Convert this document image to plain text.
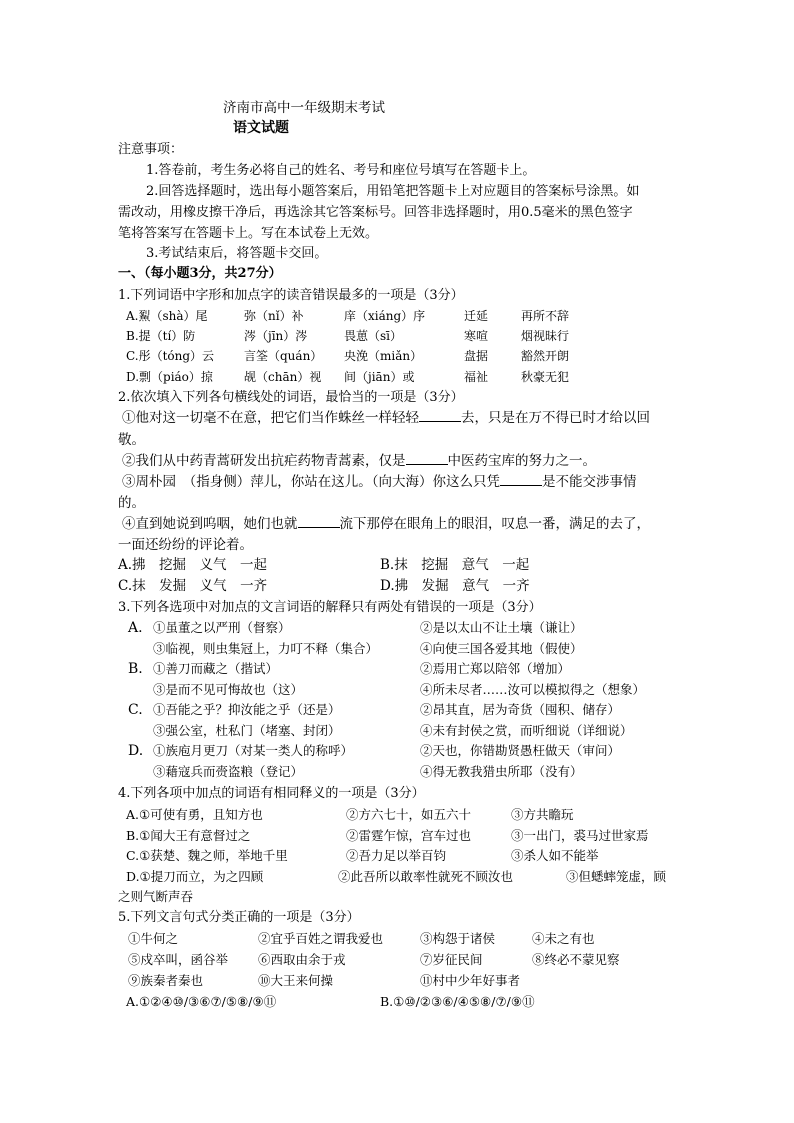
济南市高中一年级期末考试
语文试题
注意事项：
1.答卷前，考生务必将自己的姓名、考号和座位号填写在答题卡上。
2.回答选择题时，选出每小题答案后，用铅笔把答题卡上对应题目的答案标号涂黑。如
需改动，用橡皮擦干净后，再选涂其它答案标号。回答非选择题时，用0.5毫米的黑色签字
笔将答案写在答题卡上。写在本试卷上无效。
3.考试结束后，将答题卡交回。
一、（每小题3分，共27分）
1.下列词语中字形和加点字的读音错误最多的一项是（3分）
A.鮤（shà）尾	弥（nǐ）补	庠（xiáng）序	迁延	再所不辞
B.提（tí）防	涔（jīn）涔	畏葸（sī）	寒喧	烟视昧行
C.彤（tóng）云	言筌（quán）	央浼（miǎn）	盘据	豁然开朗
D.剽（piáo）掠	觇（chān）视	间（jiān）或	福祉	秋豪无犯
2.依次填入下列各句横线处的词语，最恰当的一项是（3分）
①他对这一切毫不在意，把它们当作蛛丝一样轻轻	去，只是在万不得已时才给以回
敬。
②我们从中药青蒿研发出抗疟药物青蒿素，仅是	中医药宝库的努力之一。
③周朴园　（指身侧）萍儿，你站在这儿。（向大海）你这么只凭	是不能交涉事情
的。
④直到她说到呜咽，她们也就	流下那停在眼角上的眼泪，叹息一番，满足的去了，
一面还纷纷的评论着。
A.拂　挖掘　义气　一起	B.抹　挖掘　意气　一起
C.抹　发掘　义气　一齐	D.拂　发掘　意气　一齐
3.下列各选项中对加点的文言词语的解释只有两处有错误的一项是（3分）
A. ①虽董之以严刑（督察）	②是以太山不让土壤（谦让）
③临视，则虫集冠上，力叮不释（集合）	④向使三国各爱其地（假使）
B. ①善刀而藏之（揩试）	②焉用亡郑以陪邻（增加）
③是而不见可悔故也（这）	④所未尽者……汝可以模拟得之（想象）
C. ①吾能之乎？抑汝能之乎（还是）	②昂其直，居为奇货（囤积、储存）
③强公室，杜私门（堵塞、封闭）	④未有封侯之赏，而听细说（详细说）
D. ①族庖月更刀（对某一类人的称呼）	②天也，你错勘贤愚枉做天（审问）
③藉寇兵而赍盗粮（登记）	④得无教我猎虫所耶（没有）
4.下列各项中加点的词语有相同释义的一项是（3分）
A.①可使有勇，且知方也	②方六七十，如五六十	③方共瞻玩
B.①闻大王有意督过之	②雷霆乍惊，宫车过也	③一出门，裘马过世家焉
C.①获楚、魏之师，举地千里	②吾力足以举百钧	③杀人如不能举
D.①提刀而立，为之四顾	②此吾所以敢率性就死不顾汝也	③但蟋蟀笼虚，顾
之则气断声吞
5.下列文言句式分类正确的一项是（3分）
①牛何之	②宜乎百姓之谓我爱也	③构怨于诸侯	④未之有也
⑤戍卒叫，函谷举 ⑥西取由余于戎	⑦岁征民间	⑧终必不蒙见察
⑨族秦者秦也	⑩大王来何操	⑪村中少年好事者
A.①②④⑩/③⑥⑦/⑤⑧/⑨⑪	B.①⑩/②③⑥/④⑤⑧/⑦/⑨⑪
